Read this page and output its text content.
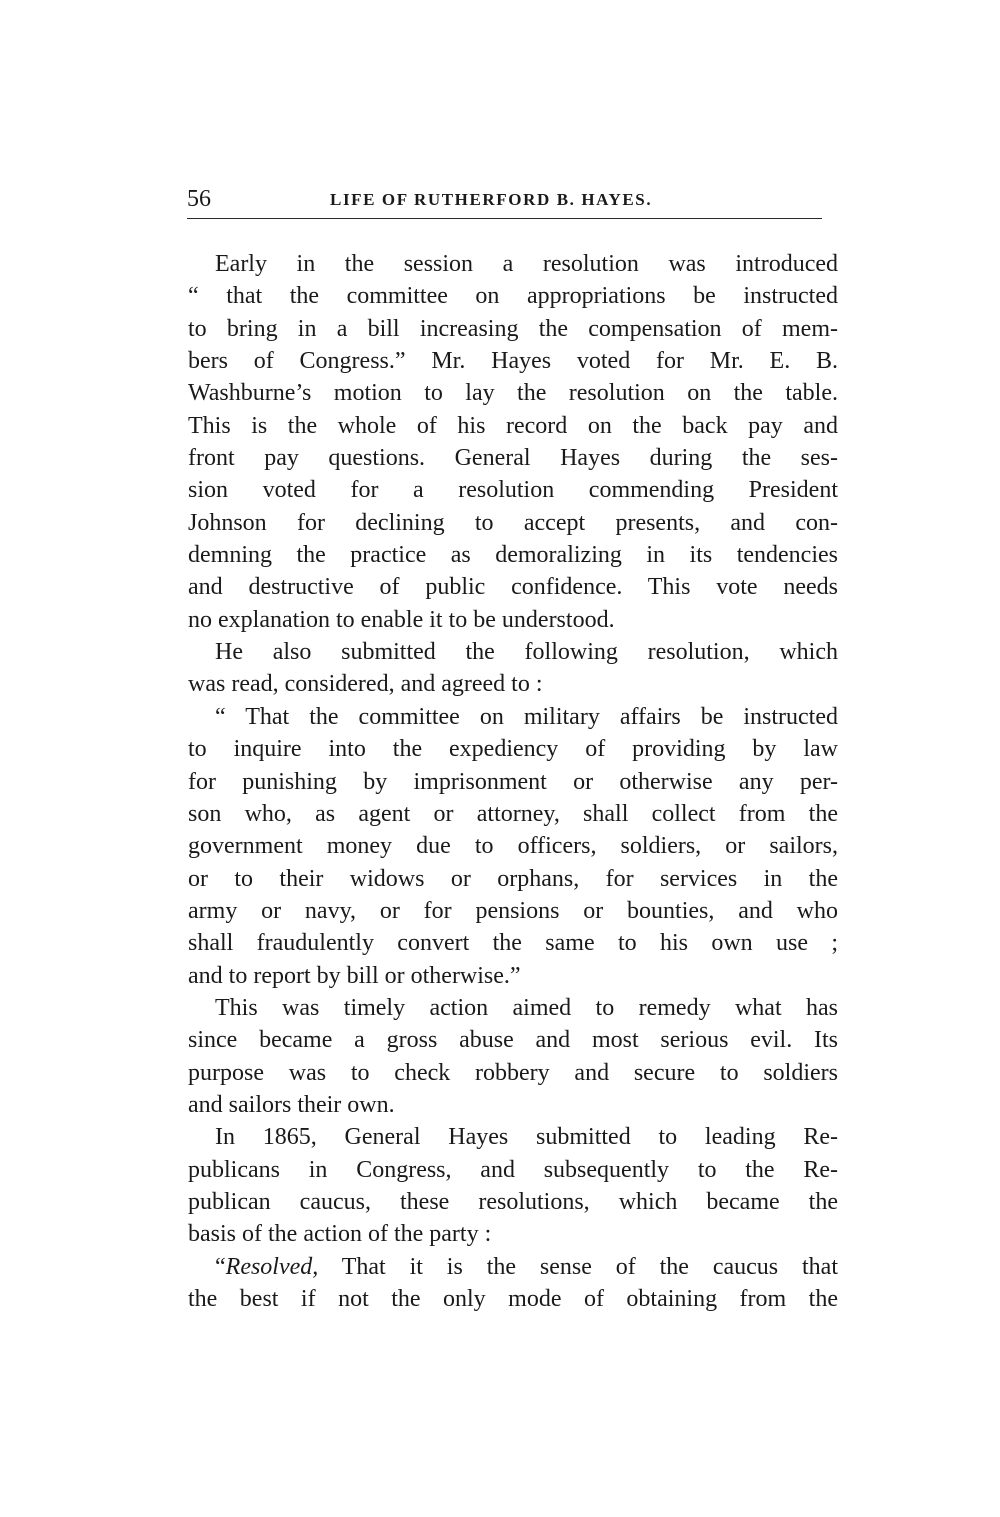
56	LIFE OF RUTHERFORD B. HAYES.
Early in the session a resolution was introduced
“ that the committee on appropriations be instructed
to bring in a bill increasing the compensation of mem-
bers of Congress.” Mr. Hayes voted for Mr. E. B.
Washburne’s motion to lay the resolution on the table.
This is the whole of his record on the back pay and
front pay questions. General Hayes during the ses-
sion voted for a resolution commending President
Johnson for declining to accept presents, and con-
demning the practice as demoralizing in its tendencies
and destructive of public confidence. This vote needs
no explanation to enable it to be understood.
He also submitted the following resolution, which
was read, considered, and agreed to :
“ That the committee on military affairs be instructed
to inquire into the expediency of providing by law
for punishing by imprisonment or otherwise any per-
son who, as agent or attorney, shall collect from the
government money due to officers, soldiers, or sailors,
or to their widows or orphans, for services in the
army or navy, or for pensions or bounties, and who
shall fraudulently convert the same to his own use ;
and to report by bill or otherwise.”
This was timely action aimed to remedy what has
since became a gross abuse and most serious evil. Its
purpose was to check robbery and secure to soldiers
and sailors their own.
In 1865, General Hayes submitted to leading Re-
publicans in Congress, and subsequently to the Re-
publican caucus, these resolutions, which became the
basis of the action of the party :
“Resolved, That it is the sense of the caucus that
the best if not the only mode of obtaining from the
